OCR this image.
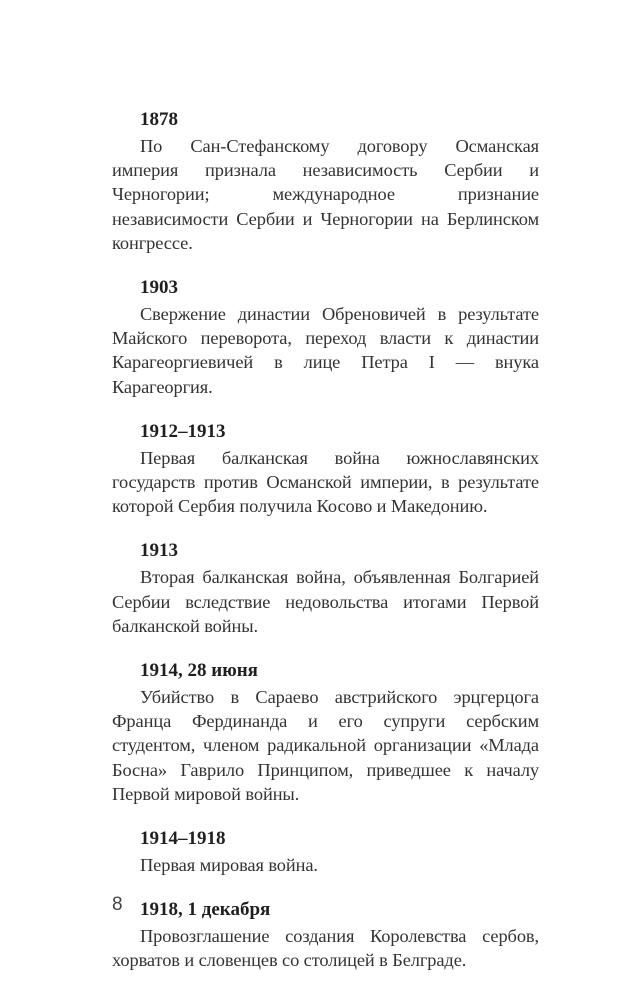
1878

По Сан-Стефанскому договору Османская империя признала независимость Сербии и Черногории; международное признание независимости Сербии и Черногории на Берлинском конгрессе.

1903

Свержение династии Обреновичей в результате Майского переворота, переход власти к династии Карагеоргиевичей в лице Петра I — внука Карагеоргия.

1912–1913

Первая балканская война южнославянских государств против Османской империи, в результате которой Сербия получила Косово и Македонию.

1913

Вторая балканская война, объявленная Болгарией Сербии вследствие недовольства итогами Первой балканской войны.

1914, 28 июня

Убийство в Сараево австрийского эрцгерцога Франца Фердинанда и его супруги сербским студентом, членом радикальной организации «Млада Босна» Гаврило Принципом, приведшее к началу Первой мировой войны.

1914–1918

Первая мировая война.

1918, 1 декабря

Провозглашение создания Королевства сербов, хорватов и словенцев со столицей в Белграде.

8
